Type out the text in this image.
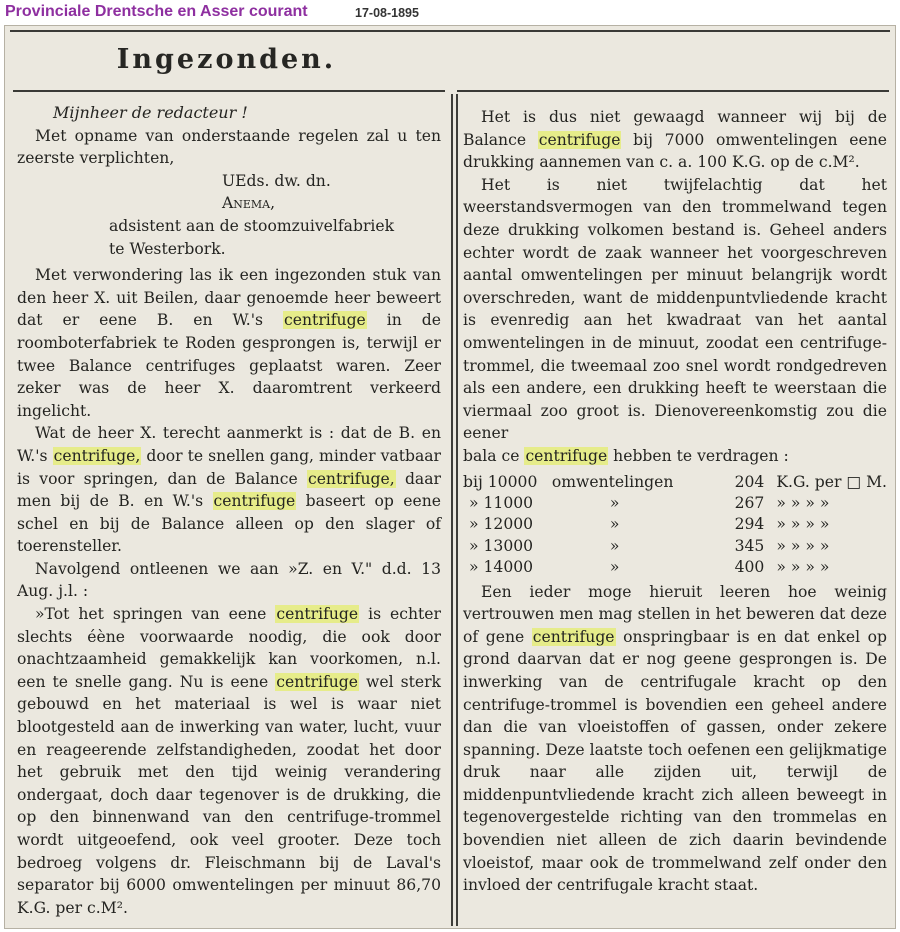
Provinciale Drentsche en Asser courant	17-08-1895
Ingezonden.

Mijnheer de redacteur !

Met opname van onderstaande regelen zal u ten zeerste verplichten,

UEds. dw. dn.

Anema,

adsistent aan de stoomzuivelfabriek

te Westerbork.

Met verwondering las ik een ingezonden stuk van den heer X. uit Beilen, daar genoemde heer beweert dat er eene B. en W.'s centrifuge in de roomboterfabriek te Roden gesprongen is, terwijl er twee Balance centrifuges geplaatst waren. Zeer zeker was de heer X. daaromtrent verkeerd ingelicht.

Wat de heer X. terecht aanmerkt is : dat de B. en W.'s centrifuge, door te snellen gang, minder vatbaar is voor springen, dan de Balance centrifuge, daar men bij de B. en W.'s centrifuge baseert op eene schel en bij de Balance alleen op den slager of toerensteller.

Navolgend ontleenen we aan »Z. en V." d.d. 13 Aug. j.l. :

»Tot het springen van eene centrifuge is echter slechts éène voorwaarde noodig, die ook door onachtzaamheid gemakkelijk kan voorkomen, n.l. een te snelle gang. Nu is eene centrifuge wel sterk gebouwd en het materiaal is wel is waar niet blootgesteld aan de inwerking van water, lucht, vuur en reageerende zelfstandigheden, zoodat het door het gebruik met den tijd weinig verandering ondergaat, doch daar tegenover is de drukking, die op den binnenwand van den centrifuge-trommel wordt uitgeoefend, ook veel grooter. Deze toch bedroeg volgens dr. Fleischmann bij de Laval's separator bij 6000 omwentelingen per minuut 86,70 K.G. per c.M².

Het is dus niet gewaagd wanneer wij bij de Balance centrifuge bij 7000 omwentelingen eene drukking aannemen van c. a. 100 K.G. op de c.M².

Het is niet twijfelachtig dat het weerstandsvermogen van den trommelwand tegen deze drukking volkomen bestand is. Geheel anders echter wordt de zaak wanneer het voorgeschreven aantal omwentelingen per minuut belangrijk wordt overschreden, want de middenpuntvliedende kracht is evenredig aan het kwadraat van het aantal omwentelingen in de minuut, zoodat een centrifuge-trommel, die tweemaal zoo snel wordt rondgedreven als een andere, een drukking heeft te weerstaan die viermaal zoo groot is. Dienovereenkomstig zou die eener
bala ce centrifuge hebben te verdragen :

bij 10000	omwentelingen	204	K.G. per □ M.
» 11000	»	267	» » » »
» 12000	»	294	» » » »
» 13000	»	345	» » » »
» 14000	»	400	» » » »

Een ieder moge hieruit leeren hoe weinig vertrouwen men mag stellen in het beweren dat deze of gene centrifuge onspringbaar is en dat enkel op grond daarvan dat er nog geene gesprongen is. De inwerking van de centrifugale kracht op den centrifuge-trommel is bovendien een geheel andere dan die van vloeistoffen of gassen, onder zekere spanning. Deze laatste toch oefenen een gelijkmatige druk naar alle zijden uit, terwijl de middenpuntvliedende kracht zich alleen beweegt in tegenovergestelde richting van den trommelas en bovendien niet alleen de zich daarin bevindende vloeistof, maar ook de trommelwand zelf onder den invloed der centrifugale kracht staat.
